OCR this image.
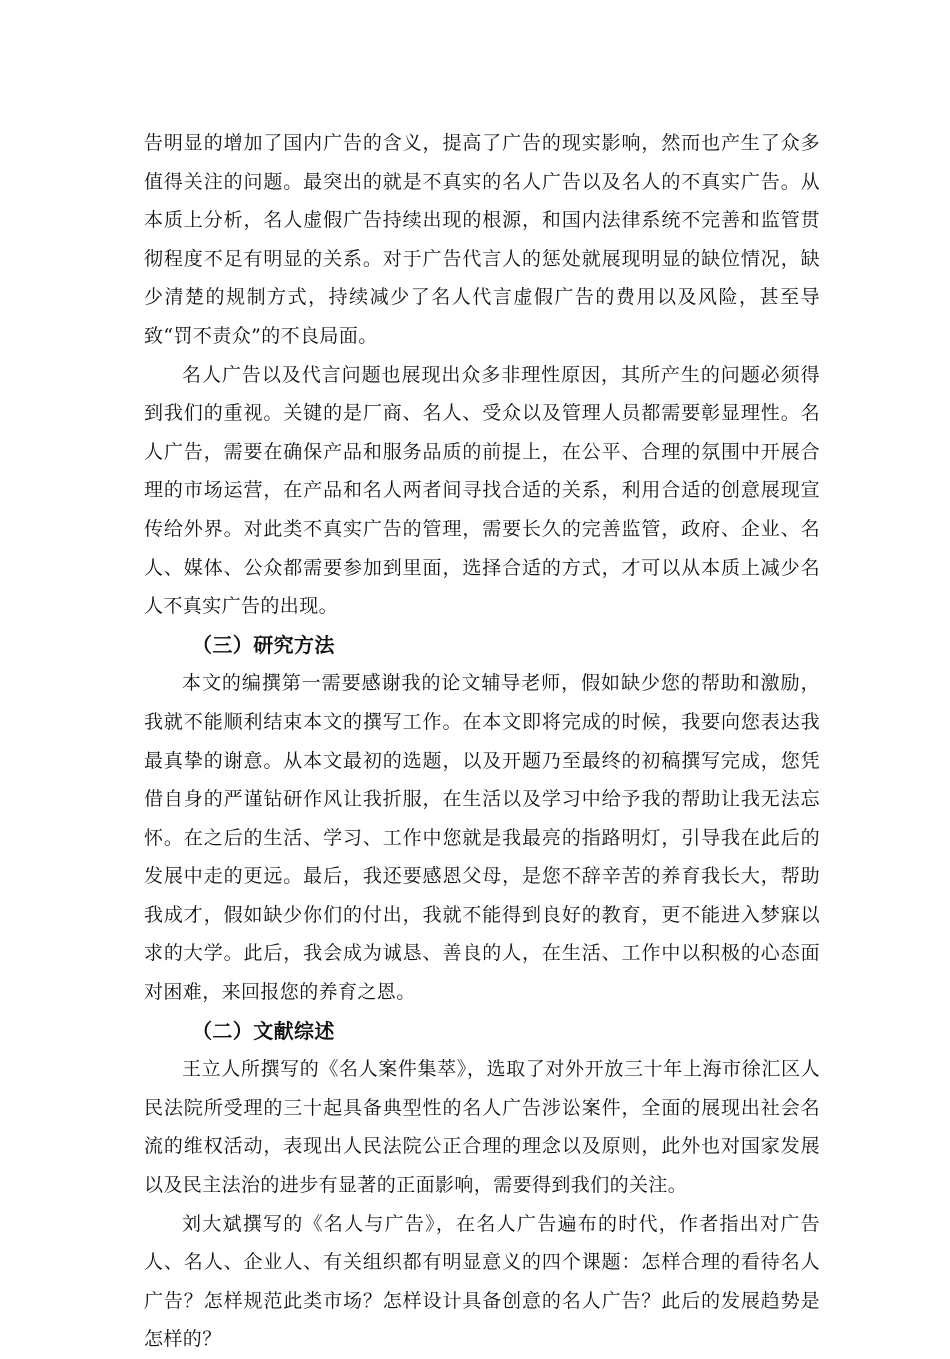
告明显的增加了国内广告的含义，提高了广告的现实影响，然而也产生了众多值得关注的问题。最突出的就是不真实的名人广告以及名人的不真实广告。从本质上分析，名人虚假广告持续出现的根源，和国内法律系统不完善和监管贯彻程度不足有明显的关系。对于广告代言人的惩处就展现明显的缺位情况，缺少清楚的规制方式，持续减少了名人代言虚假广告的费用以及风险，甚至导致“罚不责众”的不良局面。

名人广告以及代言问题也展现出众多非理性原因，其所产生的问题必须得到我们的重视。关键的是厂商、名人、受众以及管理人员都需要彰显理性。名人广告，需要在确保产品和服务品质的前提上，在公平、合理的氛围中开展合理的市场运营，在产品和名人两者间寻找合适的关系，利用合适的创意展现宣传给外界。对此类不真实广告的管理，需要长久的完善监管，政府、企业、名人、媒体、公众都需要参加到里面，选择合适的方式，才可以从本质上减少名人不真实广告的出现。

（三）研究方法

本文的编撰第一需要感谢我的论文辅导老师，假如缺少您的帮助和激励，我就不能顺利结束本文的撰写工作。在本文即将完成的时候，我要向您表达我最真挚的谢意。从本文最初的选题，以及开题乃至最终的初稿撰写完成，您凭借自身的严谨钻研作风让我折服，在生活以及学习中给予我的帮助让我无法忘怀。在之后的生活、学习、工作中您就是我最亮的指路明灯，引导我在此后的发展中走的更远。最后，我还要感恩父母，是您不辞辛苦的养育我长大，帮助我成才，假如缺少你们的付出，我就不能得到良好的教育，更不能进入梦寐以求的大学。此后，我会成为诚恳、善良的人，在生活、工作中以积极的心态面对困难，来回报您的养育之恩。

（二）文献综述

王立人所撰写的《名人案件集萃》，选取了对外开放三十年上海市徐汇区人民法院所受理的三十起具备典型性的名人广告涉讼案件，全面的展现出社会名流的维权活动，表现出人民法院公正合理的理念以及原则，此外也对国家发展以及民主法治的进步有显著的正面影响，需要得到我们的关注。

刘大斌撰写的《名人与广告》，在名人广告遍布的时代，作者指出对广告人、名人、企业人、有关组织都有明显意义的四个课题：怎样合理的看待名人广告？怎样规范此类市场？怎样设计具备创意的名人广告？此后的发展趋势是怎样的？
